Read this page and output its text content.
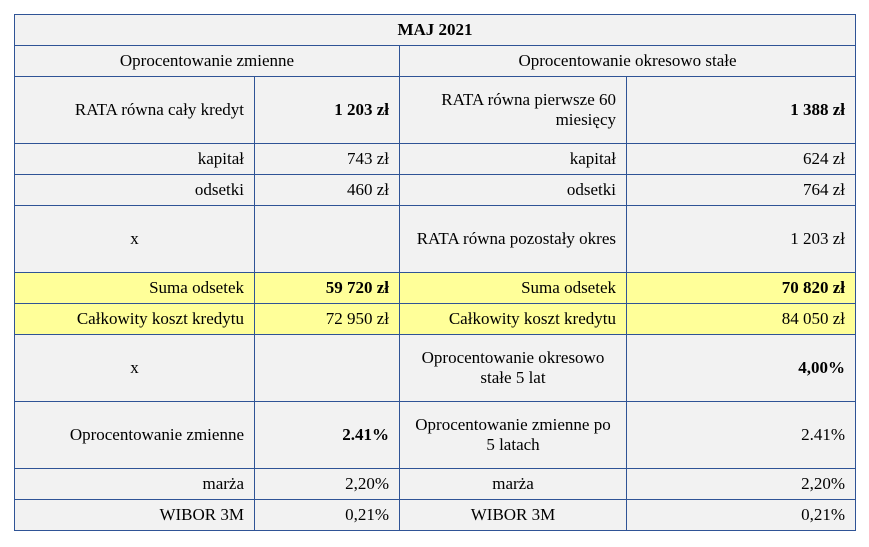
MAJ 2021			
Oprocentowanie zmienne		Oprocentowanie okresowo stałe	
RATA równa cały kredyt	1 203 zł	RATA równa pierwsze 60 miesięcy	1 388 zł
kapitał	743 zł	kapitał	624 zł
odsetki	460 zł	odsetki	764 zł
x		RATA równa pozostały okres	1 203 zł
Suma odsetek	59 720 zł	Suma odsetek	70 820 zł
Całkowity koszt kredytu	72 950 zł	Całkowity koszt kredytu	84 050 zł
x		Oprocentowanie okresowo stałe 5 lat	4,00%
Oprocentowanie zmienne	2.41%	Oprocentowanie zmienne po 5 latach	2.41%
marża	2,20%	marża	2,20%
WIBOR 3M	0,21%	WIBOR 3M	0,21%
